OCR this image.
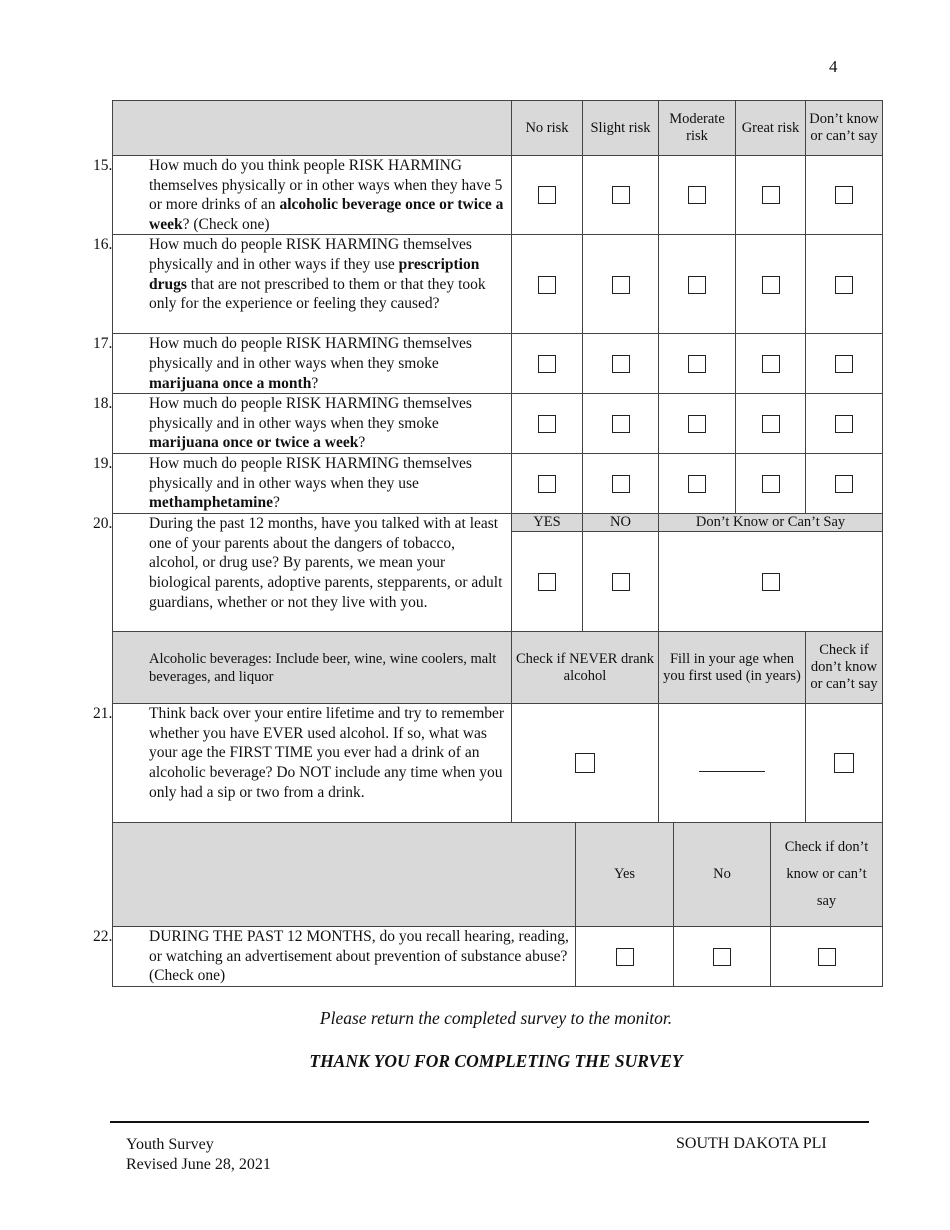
4
	No risk	Slight risk	Moderate risk	Great risk	Don’t know or can’t say

15. How much do you think people RISK HARMING themselves physically or in other ways when they have 5 or more drinks of an alcoholic beverage once or twice a week? (Check one)					

16. How much do people RISK HARMING themselves physically and in other ways if they use prescription drugs that are not prescribed to them or that they took only for the experience or feeling they caused?					

17. How much do people RISK HARMING themselves physically and in other ways when they smoke marijuana once a month?					

18. How much do people RISK HARMING themselves physically and in other ways when they smoke marijuana once or twice a week?					

19. How much do people RISK HARMING themselves physically and in other ways when they use methamphetamine?					

20. During the past 12 months, have you talked with at least one of your parents about the dangers of tobacco, alcohol, or drug use? By parents, we mean your biological parents, adoptive parents, stepparents, or adult guardians, whether or not they live with you.	YES	NO	Don’t Know or Can’t Say		

Alcoholic beverages: Include beer, wine, wine coolers, malt beverages, and liquor	Check if NEVER drank alcohol		Fill in your age when you first used (in years)		Check if don’t know or can’t say

21. Think back over your entire lifetime and try to remember whether you have EVER used alcohol. If so, what was your age the FIRST TIME you ever had a drink of an alcoholic beverage? Do NOT include any time when you only had a sip or two from a drink.					

	Yes	No	Check if don’t know or can’t say

22. DURING THE PAST 12 MONTHS, do you recall hearing, reading, or watching an advertisement about prevention of substance abuse? (Check one)			

Please return the completed survey to the monitor.
THANK YOU FOR COMPLETING THE SURVEY
Youth Survey
Revised June 28, 2021
SOUTH DAKOTA PLI
